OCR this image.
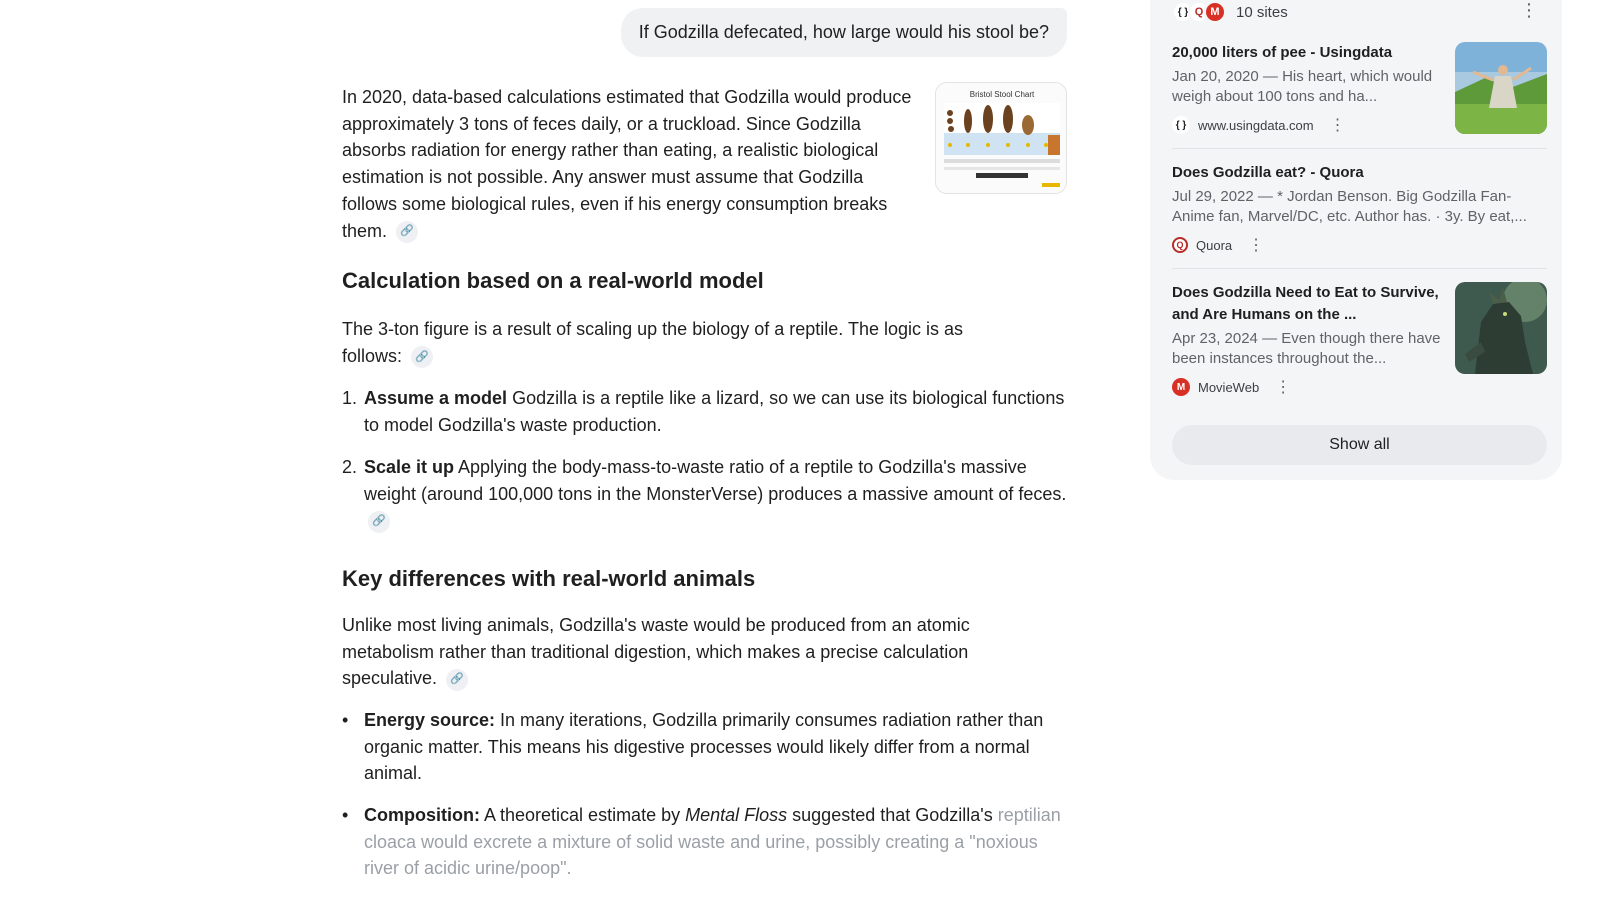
If Godzilla defecated, how large would his stool be?

In 2020, data-based calculations estimated that Godzilla would produce approximately 3 tons of feces daily, or a truckload. Since Godzilla absorbs radiation for energy rather than eating, a realistic biological estimation is not possible. Any answer must assume that Godzilla follows some biological rules, even if his energy consumption breaks them. 🔗

Bristol Stool Chart
Calculation based on a real-world model

The 3-ton figure is a result of scaling up the biology of a reptile. The logic is as follows: 🔗

1. Assume a model Godzilla is a reptile like a lizard, so we can use its biological functions to model Godzilla's waste production.
2. Scale it up Applying the body-mass-to-waste ratio of a reptile to Godzilla's massive weight (around 100,000 tons in the MonsterVerse) produces a massive amount of feces. 🔗
Key differences with real-world animals

Unlike most living animals, Godzilla's waste would be produced from an atomic metabolism rather than traditional digestion, which makes a precise calculation speculative. 🔗

• Energy source: In many iterations, Godzilla primarily consumes radiation rather than organic matter. This means his digestive processes would likely differ from a normal animal.
• Composition: A theoretical estimate by Mental Floss suggested that Godzilla's reptilian cloaca would excrete a mixture of solid waste and urine, possibly creating a "noxious river of acidic urine/poop".
{ } Q M	10 sites	⋮
20,000 liters of pee - Usingdata
Jan 20, 2020 — His heart, which would weigh about 100 tons and ha...
{ } www.usingdata.com ⋮
Does Godzilla eat? - Quora
Jul 29, 2022 — * Jordan Benson. Big Godzilla Fan- Anime fan, Marvel/DC, etc. Author has. · 3y. By eat,...
Q Quora ⋮
Does Godzilla Need to Eat to Survive, and Are Humans on the ...
Apr 23, 2024 — Even though there have been instances throughout the...
M MovieWeb ⋮
Show all
